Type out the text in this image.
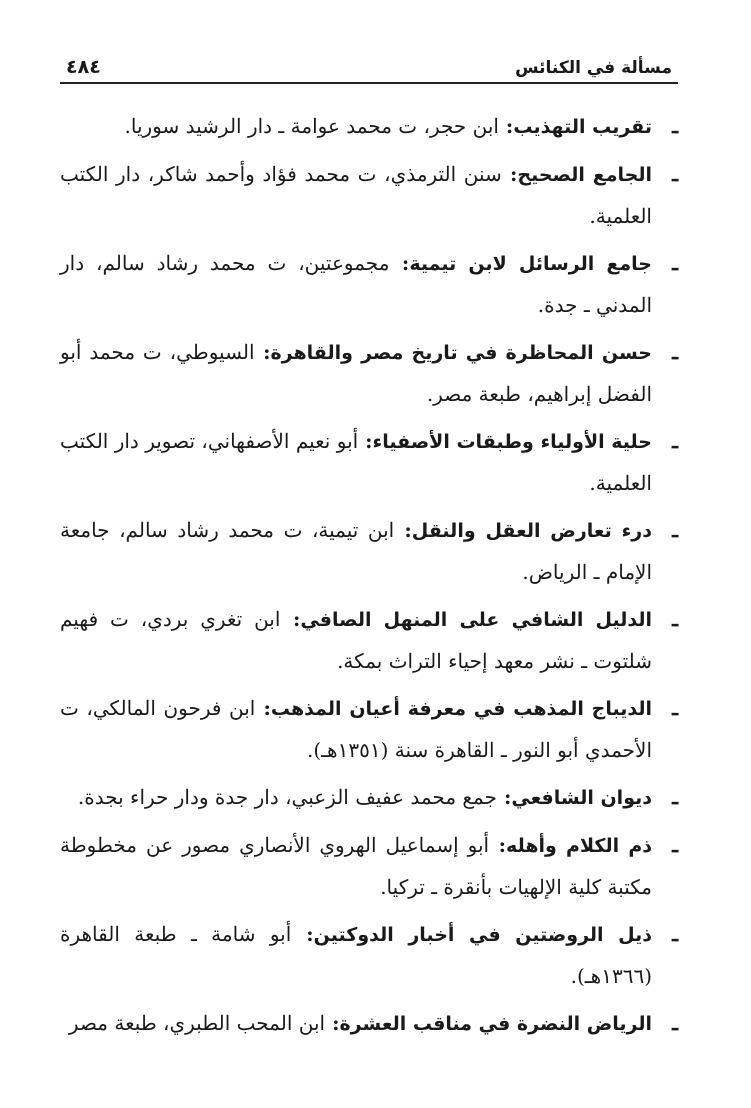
مسألة في الكنائس
٤٨٤
ـ
تقريب التهذيب: ابن حجر، ت محمد عوامة ـ دار الرشيد سوريا.
ـ
الجامع الصحيح: سنن الترمذي، ت محمد فؤاد وأحمد شاكر، دار الكتب العلمية.
ـ
جامع الرسائل لابن تيمية: مجموعتين، ت محمد رشاد سالم، دار المدني ـ جدة.
ـ
حسن المحاظرة في تاريخ مصر والقاهرة: السيوطي، ت محمد أبو الفضل إبراهيم، طبعة مصر.
ـ
حلية الأولياء وطبقات الأصفياء: أبو نعيم الأصفهاني، تصوير دار الكتب العلمية.
ـ
درء تعارض العقل والنقل: ابن تيمية، ت محمد رشاد سالم، جامعة الإمام ـ الرياض.
ـ
الدليل الشافي على المنهل الصافي: ابن تغري بردي، ت فهيم شلتوت ـ نشر معهد إحياء التراث بمكة.
ـ
الديباج المذهب في معرفة أعيان المذهب: ابن فرحون المالكي، ت الأحمدي أبو النور ـ القاهرة سنة (١٣٥١هـ).
ـ
ديوان الشافعي: جمع محمد عفيف الزعبي، دار جدة ودار حراء بجدة.
ـ
ذم الكلام وأهله: أبو إسماعيل الهروي الأنصاري مصور عن مخطوطة مكتبة كلية الإلهيات بأنقرة ـ تركيا.
ـ
ذيل الروضتين في أخبار الدوكتين: أبو شامة ـ طبعة القاهرة (١٣٦٦هـ).
ـ
الرياض النضرة في مناقب العشرة: ابن المحب الطبري، طبعة مصر
